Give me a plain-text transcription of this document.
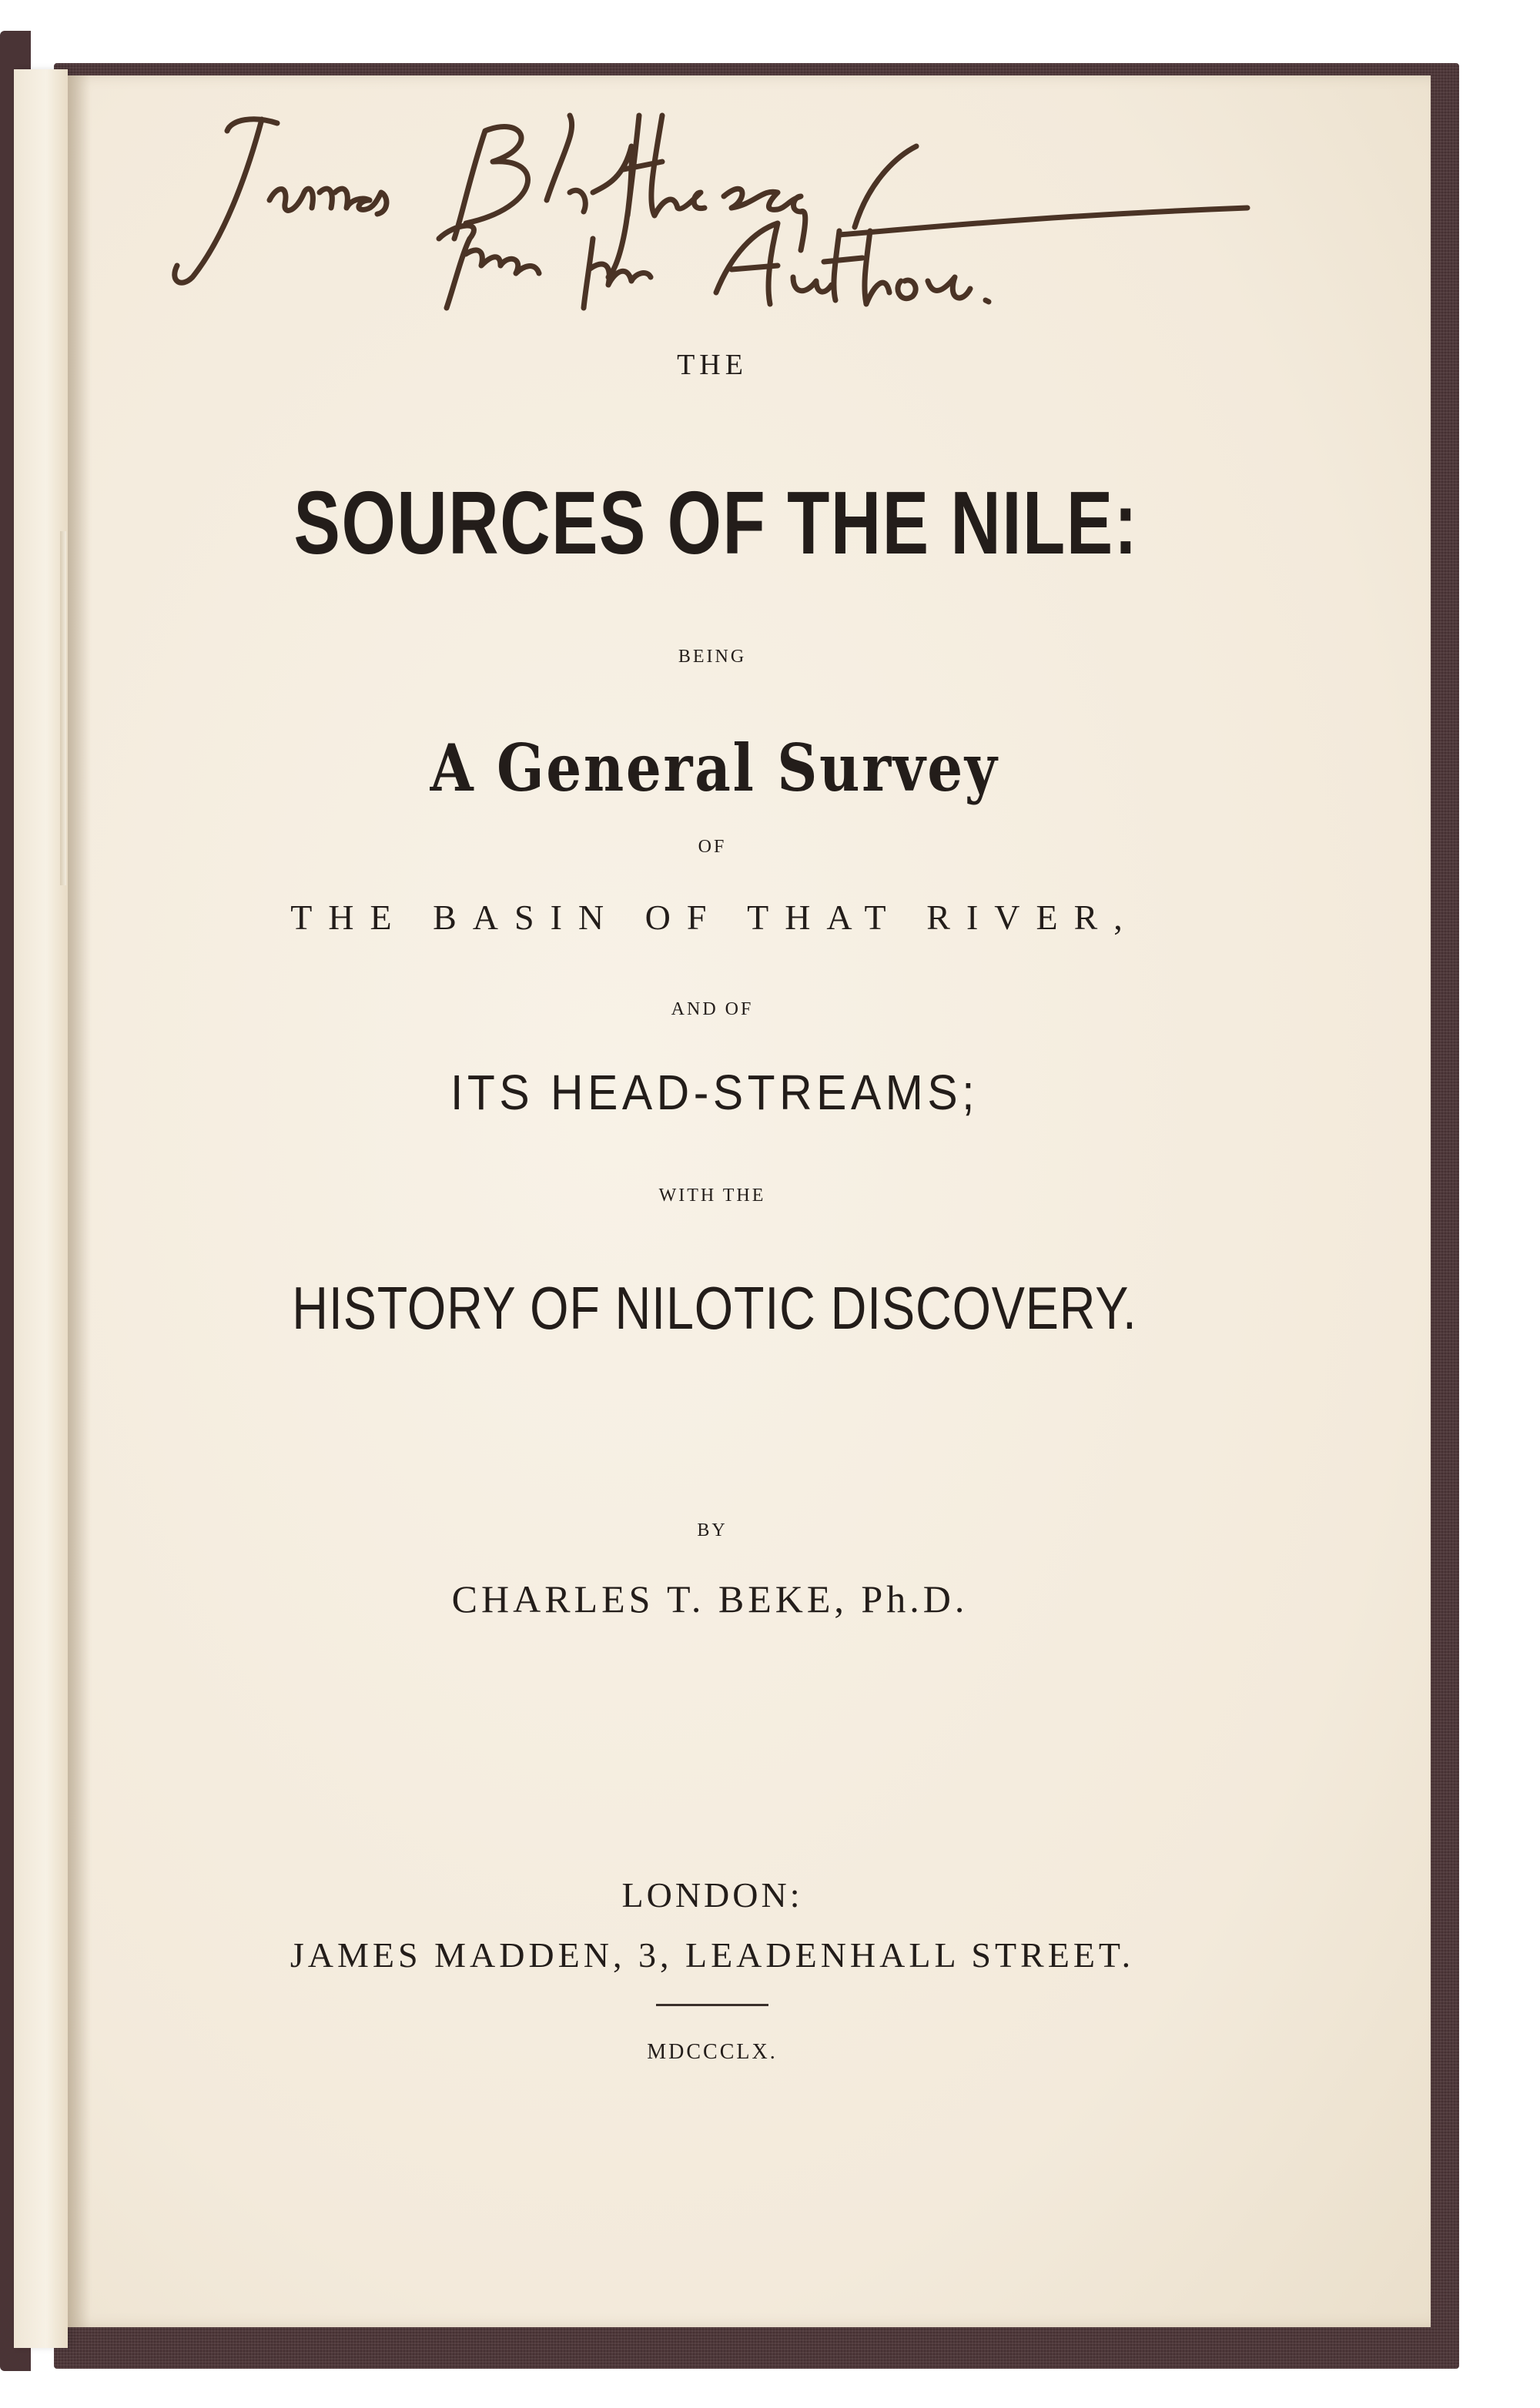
THE

SOURCES OF THE NILE:

BEING

A General Survey

OF

THE BASIN OF THAT RIVER,

AND OF

ITS HEAD-STREAMS;

WITH THE

HISTORY OF NILOTIC DISCOVERY.

BY

CHARLES T. BEKE, Ph.D.

LONDON:

JAMES MADDEN, 3, LEADENHALL STREET.

MDCCCLX.
